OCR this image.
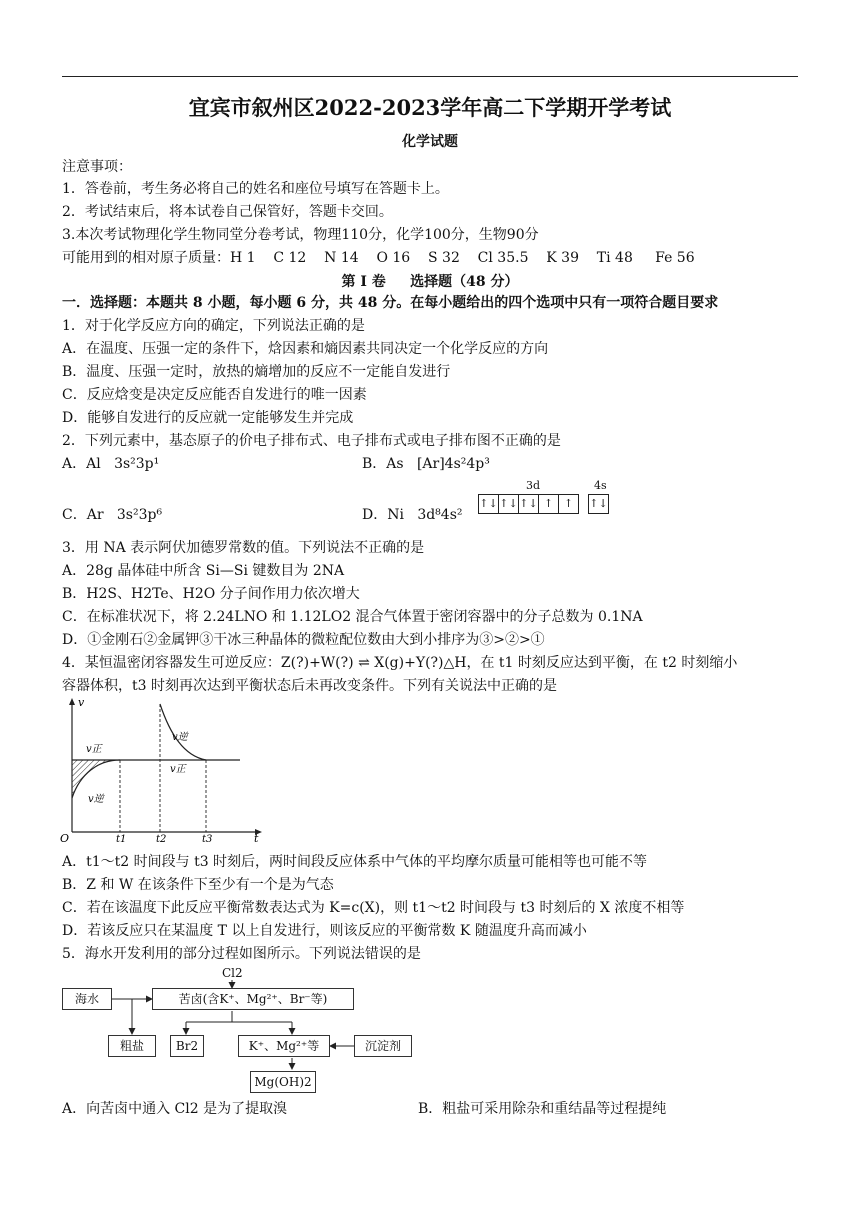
宜宾市叙州区2022-2023学年高二下学期开学考试
化学试题
注意事项：
1．答卷前，考生务必将自己的姓名和座位号填写在答题卡上。
2．考试结束后，将本试卷自己保管好，答题卡交回。
3.本次考试物理化学生物同堂分卷考试，物理110分，化学100分，生物90分
可能用到的相对原子质量：H 1    C 12    N 14    O 16    S 32    Cl 35.5    K 39    Ti 48     Fe 56
第 I 卷     选择题（48 分）
一．选择题：本题共 8 小题，每小题 6 分，共 48 分。在每小题给出的四个选项中只有一项符合题目要求
1．对于化学反应方向的确定，下列说法正确的是
A．在温度、压强一定的条件下，焓因素和熵因素共同决定一个化学反应的方向
B．温度、压强一定时，放热的熵增加的反应不一定能自发进行
C．反应焓变是决定反应能否自发进行的唯一因素
D．能够自发进行的反应就一定能够发生并完成
2．下列元素中，基态原子的价电子排布式、电子排布式或电子排布图不正确的是
A．Al 3s²3p¹	B．As [Ar]4s²4p³
C．Ar 3s²3p⁶	D．Ni 3d⁸4s²
3d	4s
↑↓ ↑↓ ↑↓ ↑ ↑	↑↓
3．用 NA 表示阿伏加德罗常数的值。下列说法不正确的是
A．28g 晶体硅中所含 Si—Si 键数目为 2NA
B．H2S、H2Te、H2O 分子间作用力依次增大
C．在标准状况下，将 2.24LNO 和 1.12LO2 混合气体置于密闭容器中的分子总数为 0.1NA
D．①金刚石②金属钾③干冰三种晶体的微粒配位数由大到小排序为③>②>①
4．某恒温密闭容器发生可逆反应：Z(?)+W(?) ⇌ X(g)+Y(?)△H，在 t1 时刻反应达到平衡，在 t2 时刻缩小
容器体积，t3 时刻再次达到平衡状态后未再改变条件。下列有关说法中正确的是
v
t
O	t1	t2	t3
v正
v逆
v逆
v正
A．t1～t2 时间段与 t3 时刻后，两时间段反应体系中气体的平均摩尔质量可能相等也可能不等
B．Z 和 W 在该条件下至少有一个是为气态
C．若在该温度下此反应平衡常数表达式为 K=c(X)，则 t1～t2 时间段与 t3 时刻后的 X 浓度不相等
D．若该反应只在某温度 T 以上自发进行，则该反应的平衡常数 K 随温度升高而减小
5．海水开发利用的部分过程如图所示。下列说法错误的是
Cl2
海水	苦卤(含K⁺、Mg²⁺、Br⁻等)
粗盐	Br2	K⁺、Mg²⁺等	沉淀剂
Mg(OH)2
A．向苦卤中通入 Cl2 是为了提取溴	B．粗盐可采用除杂和重结晶等过程提纯
